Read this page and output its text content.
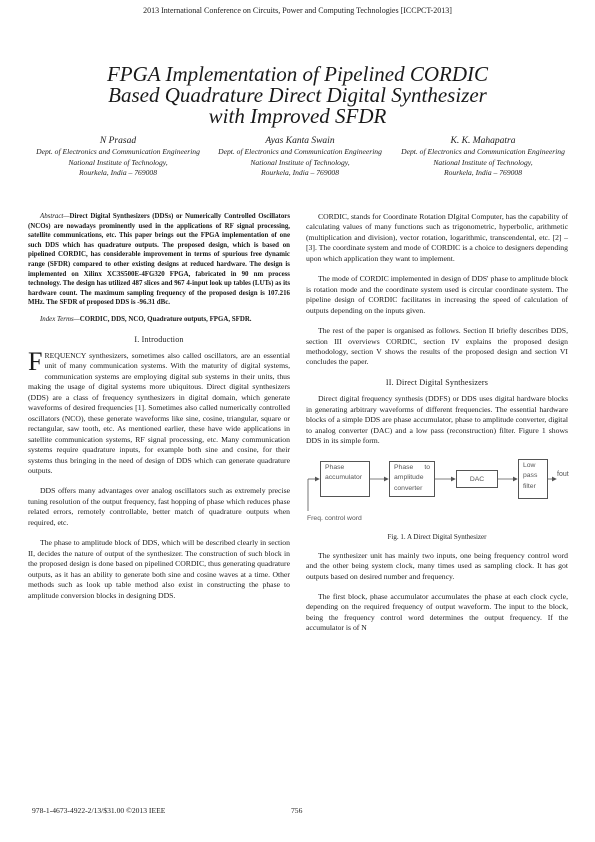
2013 International Conference on Circuits, Power and Computing Technologies [ICCPCT-2013]
FPGA Implementation of Pipelined CORDIC
Based Quadrature Direct Digital Synthesizer
with Improved SFDR
N Prasad
Dept. of Electronics and Communication Engineering
National Institute of Technology,
Rourkela, India – 769008
Ayas Kanta Swain
Dept. of Electronics and Communication Engineering
National Institute of Technology,
Rourkela, India – 769008
K. K. Mahapatra
Dept. of Electronics and Communication Engineering
National Institute of Technology,
Rourkela, India – 769008

Abstract—Direct Digital Synthesizers (DDSs) or Numerically Controlled Oscillators (NCOs) are nowadays prominently used in the applications of RF signal processing, satellite communications, etc. This paper brings out the FPGA implementation of one such DDS which has quadrature outputs. The proposed design, which is based on pipelined CORDIC, has considerable improvement in terms of spurious free dynamic range (SFDR) compared to other existing designs at reduced hardware. The design is implemented on Xilinx XC3S500E-4FG320 FPGA, fabricated in 90 nm process technology. The design has utilized 487 slices and 967 4-input look up tables (LUTs) as its hardware count. The maximum sampling frequency of the proposed design is 107.216 MHz. The SFDR of proposed DDS is -96.31 dBc.

Index Terms—CORDIC, DDS, NCO, Quadrature outputs, FPGA, SFDR.

I. Introduction

FREQUENCY synthesizers, sometimes also called oscillators, are an essential unit of many communication systems. With the maturity of digital systems, communication systems are employing digital sub systems in their units, thus making the usage of digital systems more ubiquitous. Direct digital synthesizers (DDS) are a class of frequency synthesizers in digital domain, which generate waveforms of desired frequencies [1]. Sometimes also called numerically controlled oscillators (NCO), these generate waveforms like sine, cosine, triangular, square or rectangular, saw tooth, etc. As mentioned earlier, these have wide applications in satellite communication systems, RF signal processing, etc. Many communication systems require quadrature inputs, for example both sine and cosine, for their systems thus bringing in the need of design of DDS which can generate quadrature outputs.

DDS offers many advantages over analog oscillators such as extremely precise tuning resolution of the output frequency, fast hopping of phase which reduces phase related errors, remotely controllable, better match of quadrature outputs when required, etc.

The phase to amplitude block of DDS, which will be described clearly in section II, decides the nature of output of the synthesizer. The construction of such block in the proposed design is done based on pipelined CORDIC, thus generating quadrature outputs, as it has an ability to generate both sine and cosine waves at a time. Other methods such as look up table method also exist in constructing the phase to amplitude conversion blocks in designing DDS.

CORDIC, stands for Coordinate Rotation DIgital Computer, has the capability of calculating values of many functions such as trigonometric, hyperbolic, arithmetic (multiplication and division), vector rotation, logarithmic, transcendental, etc. [2] – [3]. The coordinate system and mode of CORDIC is a choice to designers depending upon which application they want to implement.

The mode of CORDIC implemented in design of DDS' phase to amplitude block is rotation mode and the coordinate system used is circular coordinate system. The pipeline design of CORDIC facilitates in increasing the speed of calculation of outputs depending on the inputs given.

The rest of the paper is organised as follows. Section II briefly describes DDS, section III overviews CORDIC, section IV explains the proposed design methodology, section V shows the results of the proposed design and section VI concludes the paper.

II. Direct Digital Synthesizers

Direct digital frequency synthesis (DDFS) or DDS uses digital hardware blocks in generating arbitrary waveforms of different frequencies. The essential hardware blocks of a simple DDS are phase accumulator, phase to amplitude converter, digital to analog converter (DAC) and a low pass (reconstruction) filter. Figure 1 shows DDS in its simple form.

Phase accumulator
Phase to amplitude converter
DAC
Low pass filter
Freq. control word
fout
Fig. 1. A Direct Digital Synthesizer

The synthesizer unit has mainly two inputs, one being frequency control word and the other being system clock, many times used as sampling clock. It has got outputs based on desired number and frequency.

The first block, phase accumulator accumulates the phase at each clock cycle, depending on the required frequency of output waveform. The input to the block, being the frequency control word determines the output frequency. If the accumulator is of N

978-1-4673-4922-2/13/$31.00 ©2013 IEEE	756
